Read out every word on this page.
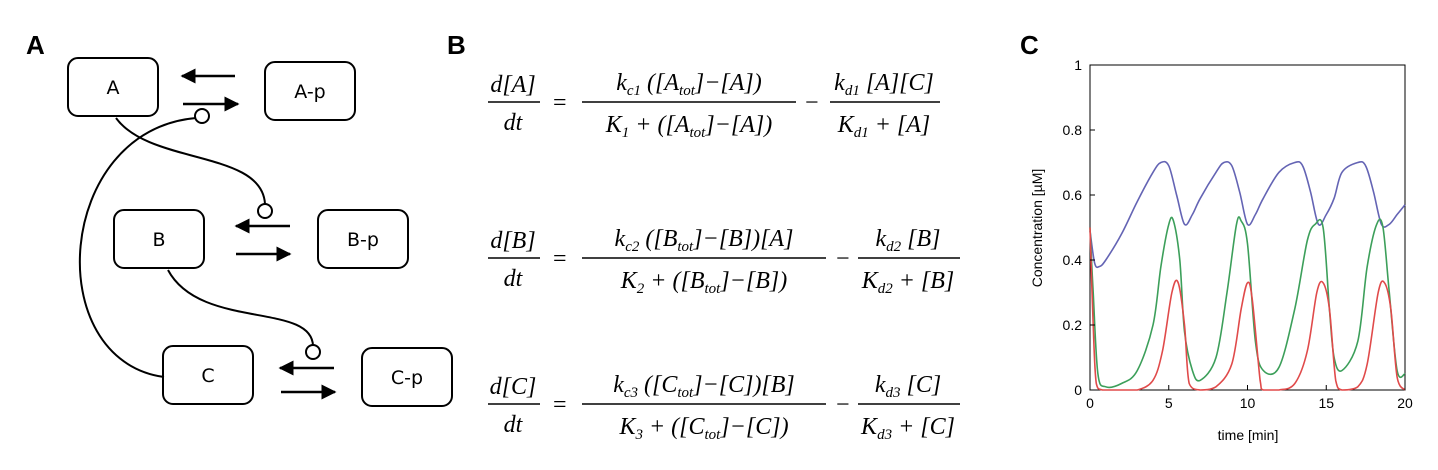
A	B	C
A	A-p
B	B-p
C	C-p
d[A]
dt
=
$k_{c1}$ $([A_{tot}]-[A])$
$K_1 + ([A_{tot}]-[A])$
−
$k_{d1}$ [A][C]
$K_{d1} + [A]$
d[B]
dt
=
$k_{c2}$ $([B_{tot}]-[B])[A]$
$K_2 + ([B_{tot}]-[B])$
−
$k_{d2}$ [B]
$K_{d2} + [B]$
d[C]
dt
=
$k_{c3}$ $([C_{tot}]-[C])[B]$
$K_3 + ([C_{tot}]-[C])$
−
$k_{d3}$ [C]
$K_{d3} + [C]$
0	5	10	15	20
0
0.2
0.4
0.6
0.8
1
time [min]
Concentration [µM]
